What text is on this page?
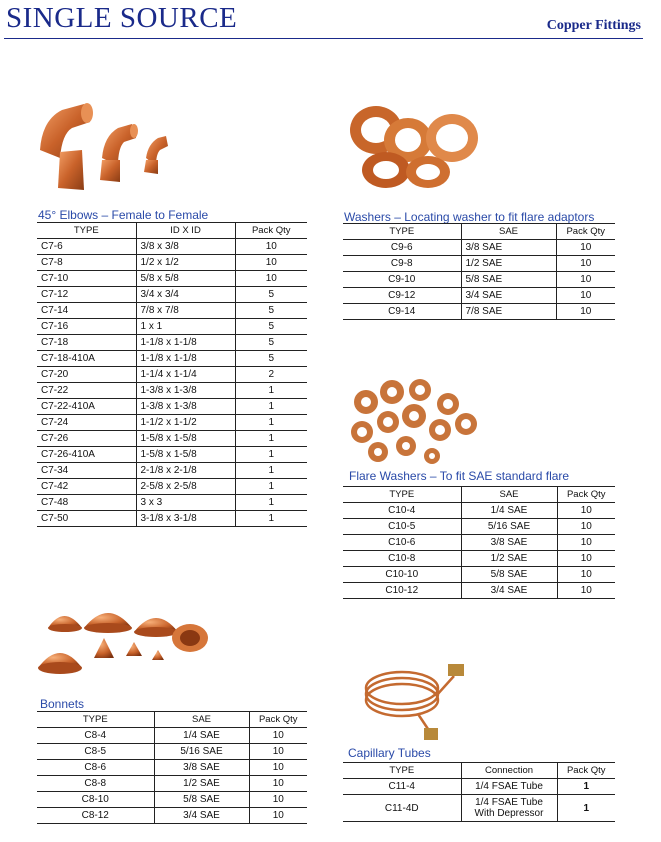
SINGLE SOURCE	Copper Fittings
45° Elbows – Female to Female
TYPE	ID X ID	Pack Qty
C7-6	3/8 x 3/8	10
C7-8	1/2 x 1/2	10
C7-10	5/8 x 5/8	10
C7-12	3/4 x 3/4	5
C7-14	7/8 x 7/8	5
C7-16	1 x 1	5
C7-18	1-1/8 x 1-1/8	5
C7-18-410A	1-1/8 x 1-1/8	5
C7-20	1-1/4 x 1-1/4	2
C7-22	1-3/8 x 1-3/8	1
C7-22-410A	1-3/8 x 1-3/8	1
C7-24	1-1/2 x 1-1/2	1
C7-26	1-5/8 x 1-5/8	1
C7-26-410A	1-5/8 x 1-5/8	1
C7-34	2-1/8 x 2-1/8	1
C7-42	2-5/8 x 2-5/8	1
C7-48	3 x 3	1
C7-50	3-1/8 x 3-1/8	1
Washers – Locating washer to fit flare adaptors
TYPE	SAE	Pack Qty
C9-6	3/8 SAE	10
C9-8	1/2 SAE	10
C9-10	5/8 SAE	10
C9-12	3/4 SAE	10
C9-14	7/8 SAE	10
Flare Washers – To fit SAE standard flare
TYPE	SAE	Pack Qty
C10-4	1/4 SAE	10
C10-5	5/16 SAE	10
C10-6	3/8 SAE	10
C10-8	1/2 SAE	10
C10-10	5/8 SAE	10
C10-12	3/4 SAE	10
Bonnets
TYPE	SAE	Pack Qty
C8-4	1/4 SAE	10
C8-5	5/16 SAE	10
C8-6	3/8 SAE	10
C8-8	1/2 SAE	10
C8-10	5/8 SAE	10
C8-12	3/4 SAE	10
Capillary Tubes
TYPE	Connection	Pack Qty
C11-4	1/4 FSAE Tube	1
C11-4D	1/4 FSAE Tube
With Depressor	1
